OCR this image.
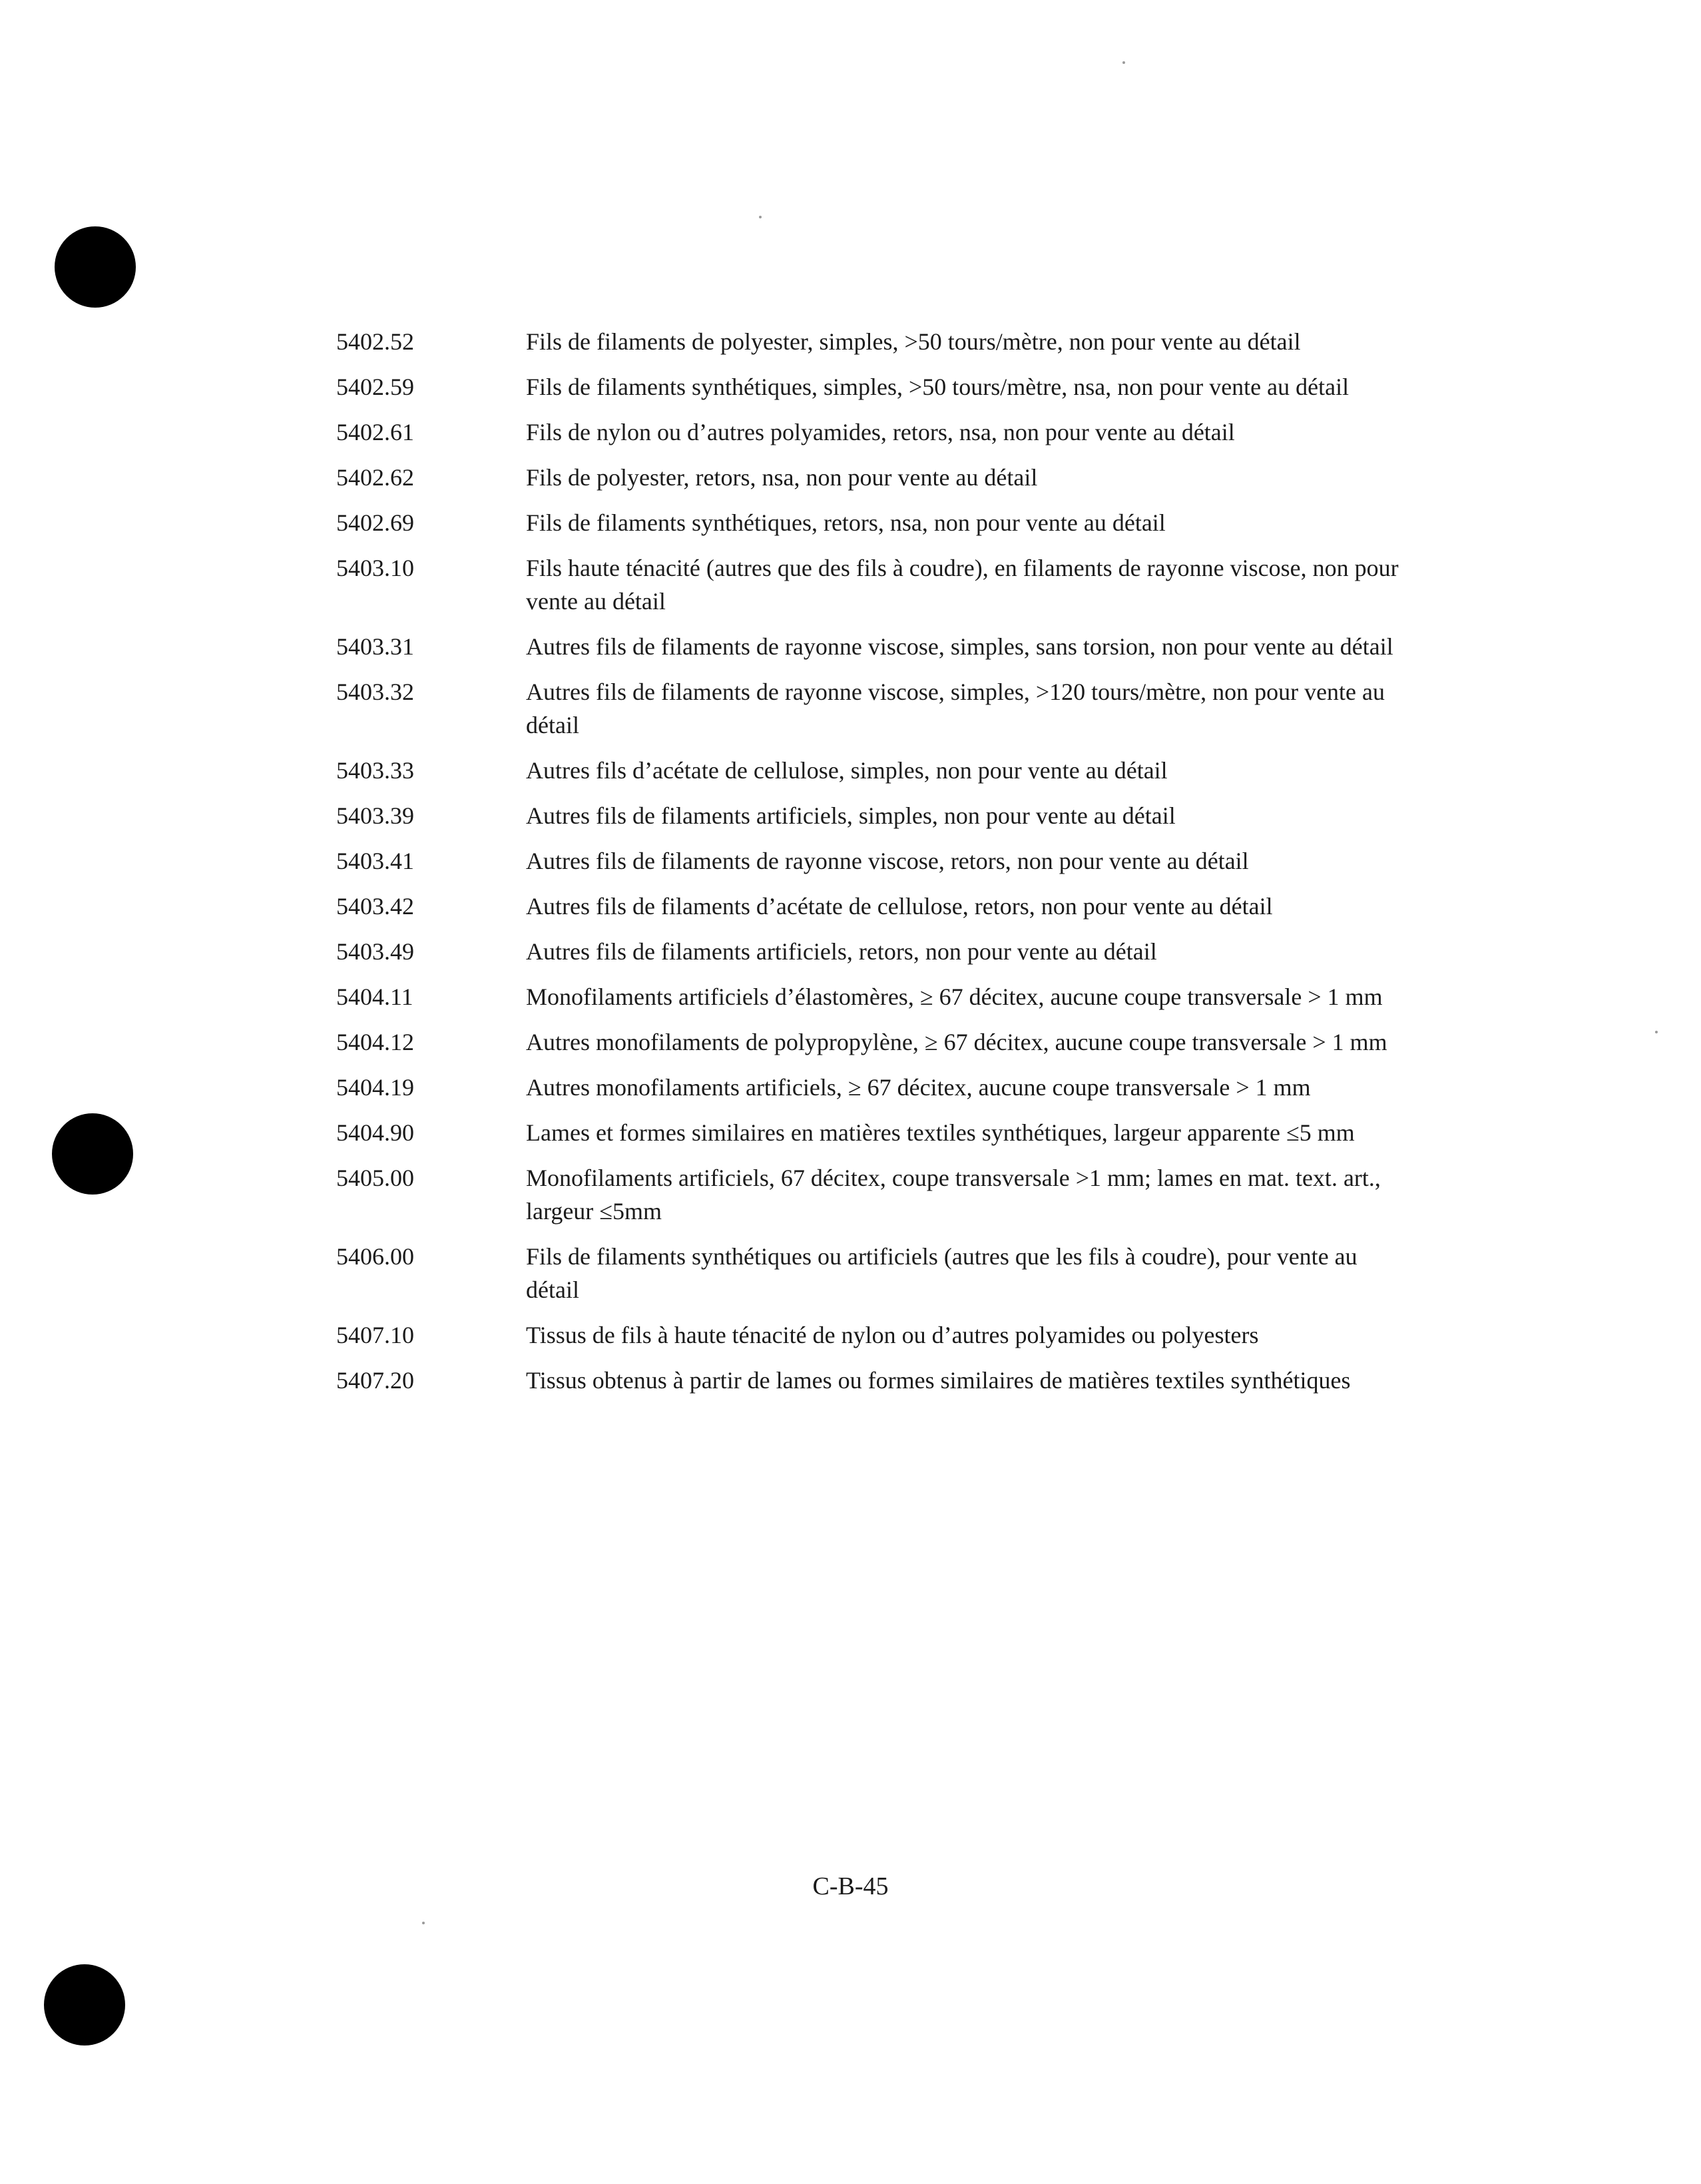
5402.52	Fils de filaments de polyester, simples, >50 tours/mètre, non pour vente au détail
5402.59	Fils de filaments synthétiques, simples, >50 tours/mètre, nsa, non pour vente au détail
5402.61	Fils de nylon ou d’autres polyamides, retors, nsa, non pour vente au détail
5402.62	Fils de polyester, retors, nsa, non pour vente au détail
5402.69	Fils de filaments synthétiques, retors, nsa, non pour vente au détail
5403.10	Fils haute ténacité (autres que des fils à coudre), en filaments de rayonne viscose, non pour vente au détail
5403.31	Autres fils de filaments de rayonne viscose, simples, sans torsion, non pour vente au détail
5403.32	Autres fils de filaments de rayonne viscose, simples, >120 tours/mètre, non pour vente au détail
5403.33	Autres fils d’acétate de cellulose, simples, non pour vente au détail
5403.39	Autres fils de filaments artificiels, simples, non pour vente au détail
5403.41	Autres fils de filaments de rayonne viscose, retors, non pour vente au détail
5403.42	Autres fils de filaments d’acétate de cellulose, retors, non pour vente au détail
5403.49	Autres fils de filaments artificiels, retors, non pour vente au détail
5404.11	Monofilaments artificiels d’élastomères, ≥ 67 décitex, aucune coupe transversale > 1 mm
5404.12	Autres monofilaments de polypropylène, ≥ 67 décitex, aucune coupe transversale > 1 mm
5404.19	Autres monofilaments artificiels, ≥ 67 décitex, aucune coupe transversale > 1 mm
5404.90	Lames et formes similaires en matières textiles synthétiques, largeur apparente ≤5 mm
5405.00	Monofilaments artificiels, 67 décitex, coupe transversale >1 mm; lames en mat. text. art., largeur ≤5mm
5406.00	Fils de filaments synthétiques ou artificiels (autres que les fils à coudre), pour vente au détail
5407.10	Tissus de fils à haute ténacité de nylon ou d’autres polyamides ou polyesters
5407.20	Tissus obtenus à partir de lames ou formes similaires de matières textiles synthétiques
C-B-45
